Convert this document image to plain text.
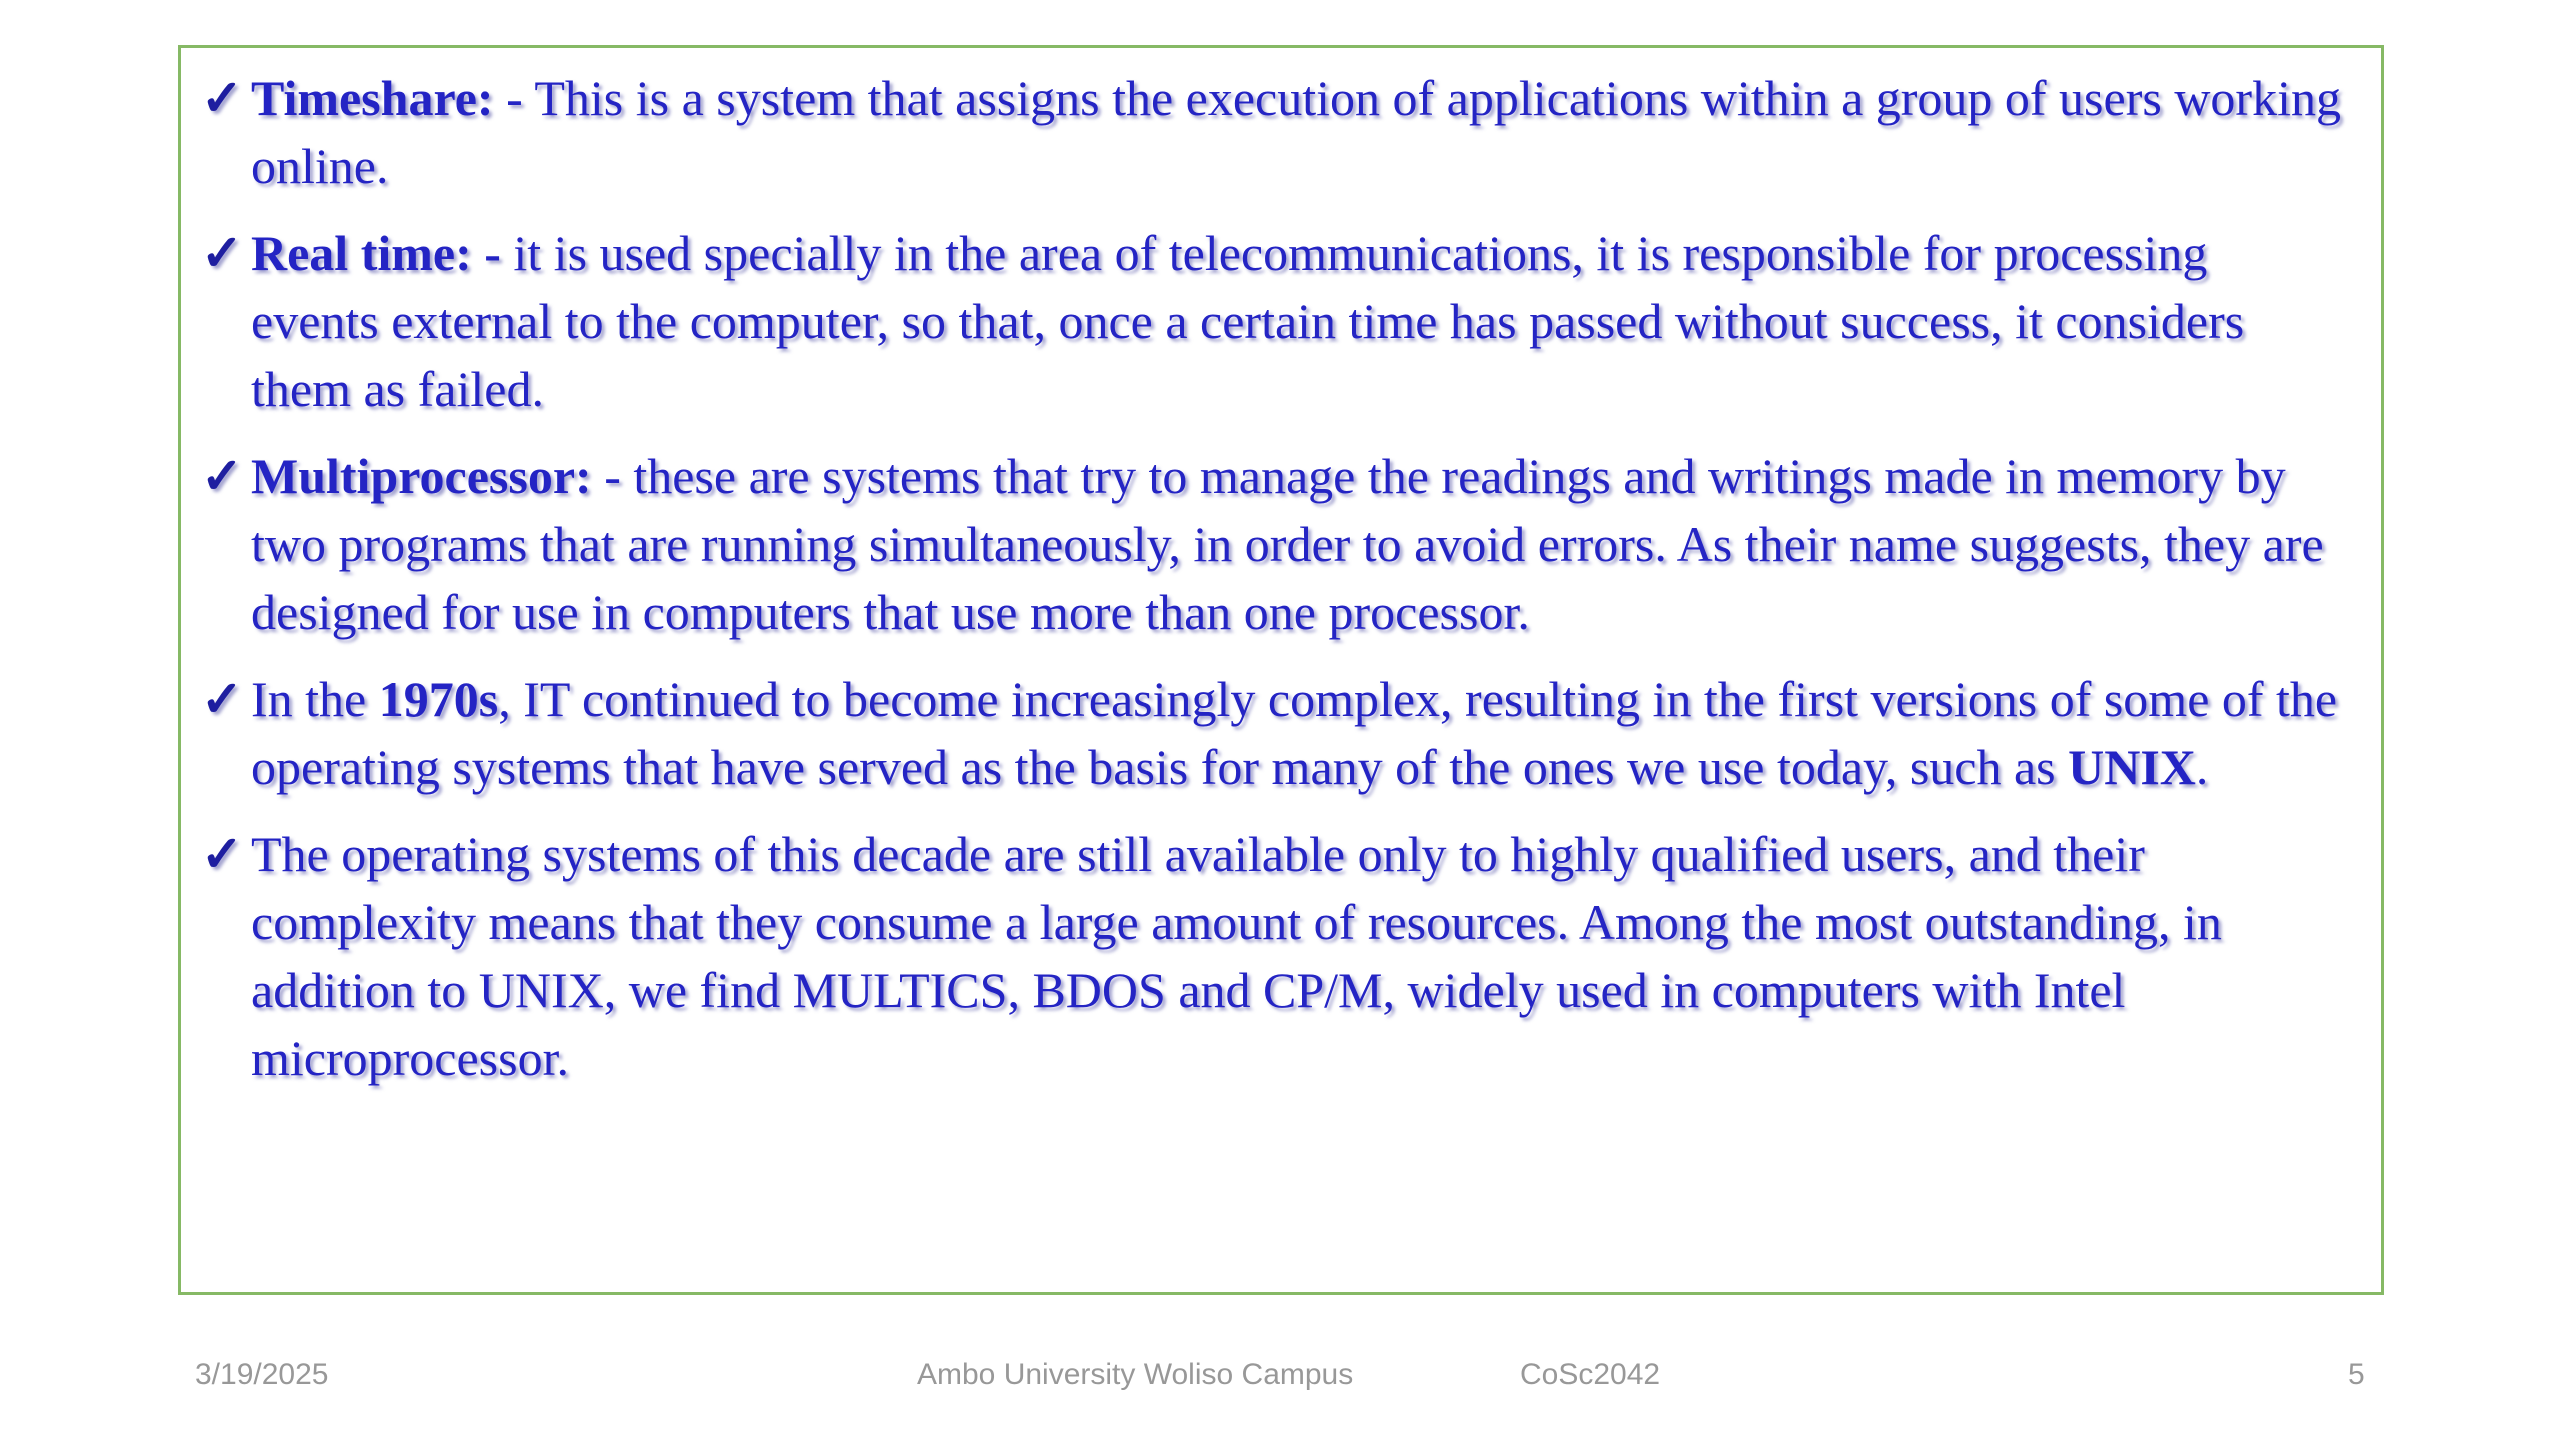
✓ Timeshare: - This is a system that assigns the execution of applications within a group of users working online.
✓ Real time: - it is used specially in the area of telecommunications, it is responsible for processing events external to the computer, so that, once a certain time has passed without success, it considers them as failed.
✓ Multiprocessor: - these are systems that try to manage the readings and writings made in memory by two programs that are running simultaneously, in order to avoid errors. As their name suggests, they are designed for use in computers that use more than one processor.
✓ In the 1970s, IT continued to become increasingly complex, resulting in the first versions of some of the operating systems that have served as the basis for many of the ones we use today, such as UNIX.
✓ The operating systems of this decade are still available only to highly qualified users, and their complexity means that they consume a large amount of resources. Among the most outstanding, in addition to UNIX, we find MULTICS, BDOS and CP/M, widely used in computers with Intel microprocessor.
3/19/2025	Ambo University Woliso Campus	CoSc2042	5
